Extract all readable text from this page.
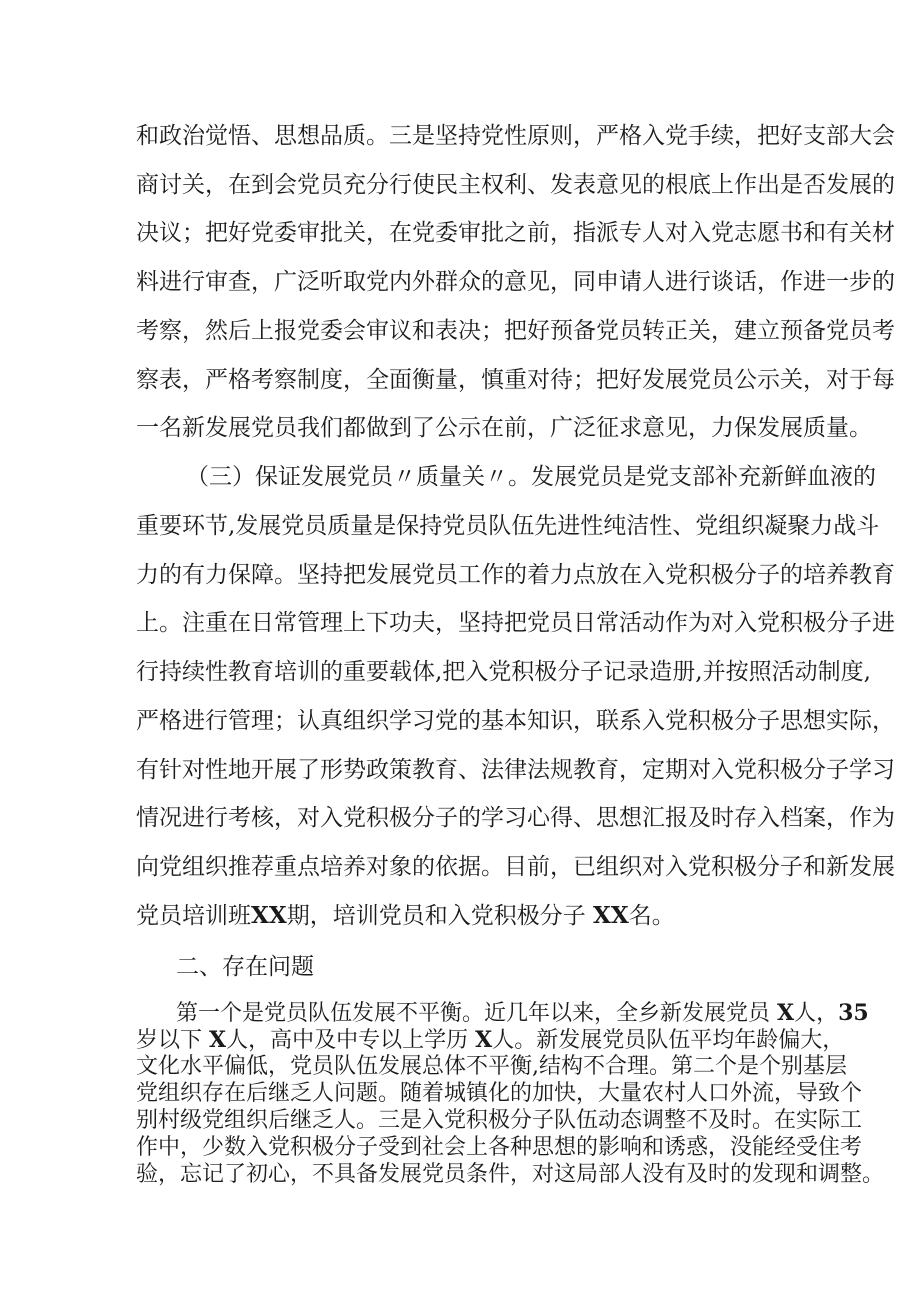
和政治觉悟、思想品质。三是坚持党性原则，严格入党手续，把好支部大会
商讨关，在到会党员充分行使民主权利、发表意见的根底上作出是否发展的
决议；把好党委审批关，在党委审批之前，指派专人对入党志愿书和有关材
料进行审查，广泛听取党内外群众的意见，同申请人进行谈话，作进一步的
考察，然后上报党委会审议和表决；把好预备党员转正关，建立预备党员考
察表，严格考察制度，全面衡量，慎重对待；把好发展党员公示关，对于每
一名新发展党员我们都做到了公示在前，广泛征求意见，力保发展质量。
（三）保证发展党员〃质量关〃。发展党员是党支部补充新鲜血液的
重要环节,发展党员质量是保持党员队伍先进性纯洁性、党组织凝聚力战斗
力的有力保障。坚持把发展党员工作的着力点放在入党积极分子的培养教育
上。注重在日常管理上下功夫，坚持把党员日常活动作为对入党积极分子进
行持续性教育培训的重要载体,把入党积极分子记录造册,并按照活动制度,
严格进行管理；认真组织学习党的基本知识，联系入党积极分子思想实际，
有针对性地开展了形势政策教育、法律法规教育，定期对入党积极分子学习
情况进行考核，对入党积极分子的学习心得、思想汇报及时存入档案，作为
向党组织推荐重点培养对象的依据。目前，已组织对入党积极分子和新发展
党员培训班XX期，培训党员和入党积极分子 XX名。
二、存在问题
第一个是党员队伍发展不平衡。近几年以来，全乡新发展党员 X人，35
岁以下 X人，高中及中专以上学历 X人。新发展党员队伍平均年龄偏大，
文化水平偏低，党员队伍发展总体不平衡,结构不合理。第二个是个别基层
党组织存在后继乏人问题。随着城镇化的加快，大量农村人口外流，导致个
别村级党组织后继乏人。三是入党积极分子队伍动态调整不及时。在实际工
作中，少数入党积极分子受到社会上各种思想的影响和诱惑，没能经受住考
验，忘记了初心，不具备发展党员条件，对这局部人没有及时的发现和调整。
